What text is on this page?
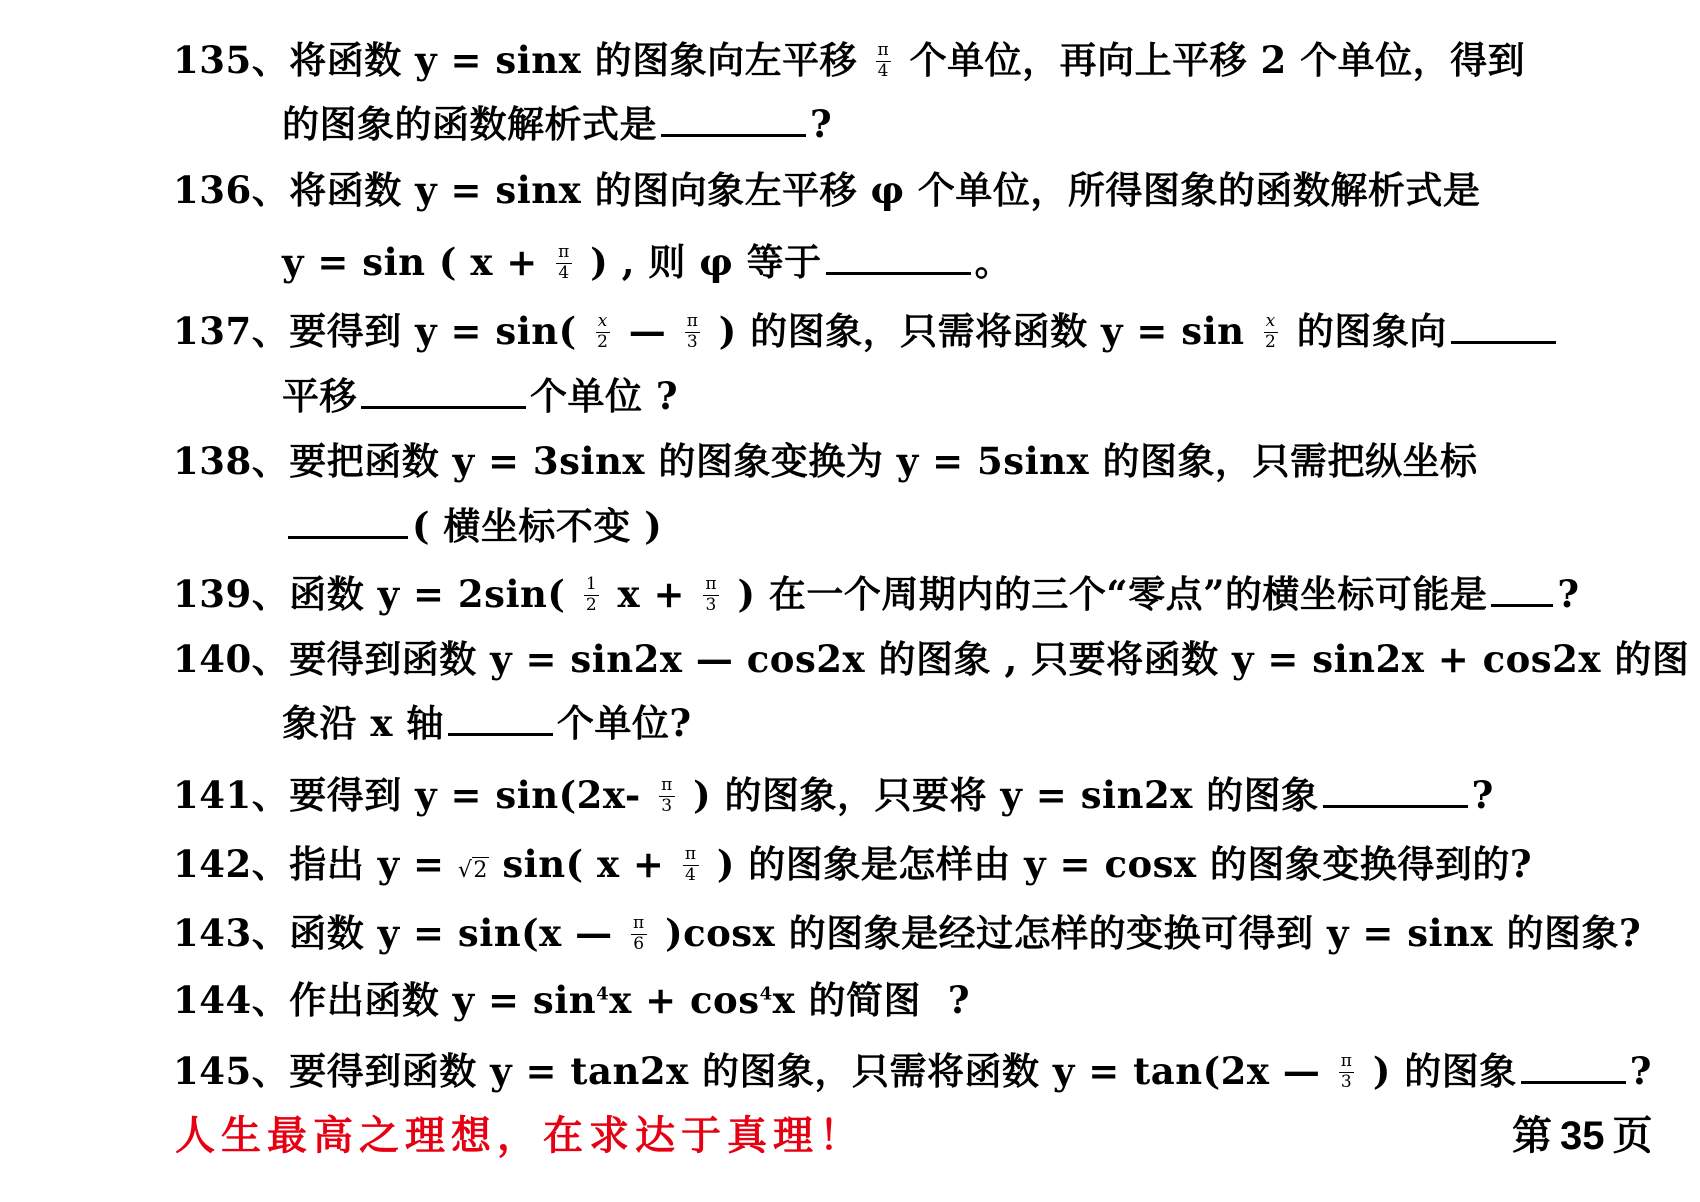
135、将函数 y = sinx 的图象向左平移 $\frac{\pi}{4}$ 个单位，再向上平移 2 个单位，得到
的图象的函数解析式是	?
136、将函数 y = sinx 的图向象左平移 φ 个单位，所得图象的函数解析式是
y = sin ( $x + \frac{\pi}{4}$ ) , 则 φ 等于	。
137、要得到 $y = \sin( \frac{x}{2}$ — $\frac{\pi}{3}$ ) 的图象，只需将函数 $y = \sin \frac{x}{2}$ 的图象向
平移	个单位 ?
138、要把函数 y = 3sinx 的图象变换为 y = 5sinx 的图象，只需把纵坐标
( 横坐标不变 )
139、函数 $y = 2\sin( \frac{1}{2}$ $x + \frac{\pi}{3}$ ) 在一个周期内的三个“零点”的横坐标可能是 ?
140、要得到函数 y = sin2x — cos2x 的图象 , 只要将函数 y = sin2x + cos2x 的图
象沿 x 轴	个单位?
141、要得到 $y = \sin(2x- \frac{\pi}{3}$ ) 的图象，只要将 y = sin2x 的图象	?
142、指出 y = √2 sin( $x + \frac{\pi}{4}$ ) 的图象是怎样由 y = cosx 的图象变换得到的?
143、函数 y = sin(x — $\frac{\pi}{6} )\cos x$ 的图象是经过怎样的变换可得到 y = sinx 的图象?
144、作出函数 $y = \sin^4x + \cos^4x$ 的简图 ?
145、要得到函数 y = tan2x 的图象，只需将函数 y = tan(2x — $\frac{\pi}{3}$ ) 的图象	?
人生最高之理想，在求达于真理！	第 35 页
